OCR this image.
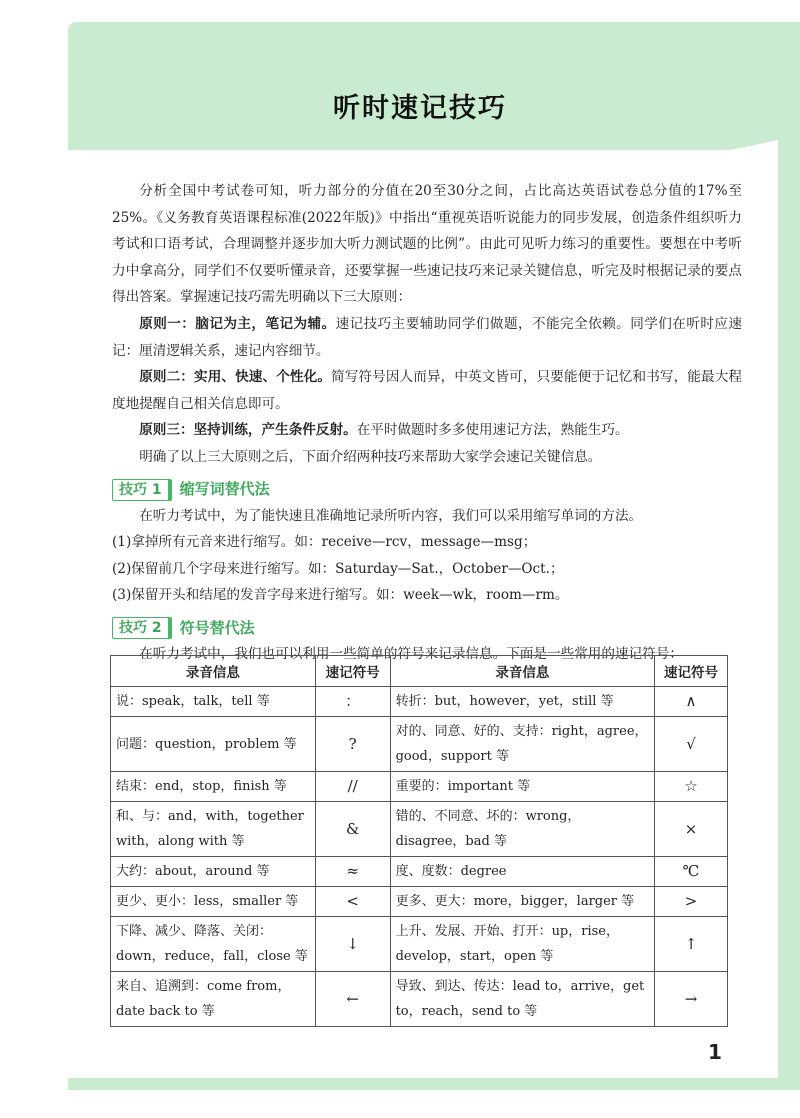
听时速记技巧

分析全国中考试卷可知，听力部分的分值在20至30分之间，占比高达英语试卷总分值的17%至25%。《义务教育英语课程标准(2022年版)》中指出“重视英语听说能力的同步发展，创造条件组织听力考试和口语考试，合理调整并逐步加大听力测试题的比例”。由此可见听力练习的重要性。要想在中考听力中拿高分，同学们不仅要听懂录音，还要掌握一些速记技巧来记录关键信息，听完及时根据记录的要点得出答案。掌握速记技巧需先明确以下三大原则：

原则一：脑记为主，笔记为辅。速记技巧主要辅助同学们做题，不能完全依赖。同学们在听时应速记：厘清逻辑关系，速记内容细节。

原则二：实用、快速、个性化。简写符号因人而异，中英文皆可，只要能便于记忆和书写，能最大程度地提醒自己相关信息即可。

原则三：坚持训练，产生条件反射。在平时做题时多多使用速记方法，熟能生巧。

明确了以上三大原则之后，下面介绍两种技巧来帮助大家学会速记关键信息。

技巧 1	缩写词替代法

在听力考试中，为了能快速且准确地记录所听内容，我们可以采用缩写单词的方法。

(1)拿掉所有元音来进行缩写。如：receive—rcv，message—msg；

(2)保留前几个字母来进行缩写。如：Saturday—Sat.，October—Oct.；

(3)保留开头和结尾的发音字母来进行缩写。如：week—wk，room—rm。

技巧 2	符号替代法

在听力考试中，我们也可以利用一些简单的符号来记录信息。下面是一些常用的速记符号：

录音信息	速记符号	录音信息	速记符号
说：speak，talk，tell 等	：	转折：but，however，yet，still 等	∧
问题：question，problem 等	?	对的、同意、好的、支持：right，agree，good，support 等	√
结束：end，stop，finish 等	//	重要的：important 等	☆
和、与：and，with，together with，along with 等	&	错的、不同意、坏的：wrong，disagree，bad 等	×
大约：about，around 等	≈	度、度数：degree	℃
更少、更小：less，smaller 等	<	更多、更大：more，bigger，larger 等	>
下降、减少、降落、关闭：down，reduce，fall，close 等	↓	上升、发展、开始、打开：up，rise，develop，start，open 等	↑
来自、追溯到：come from，date back to 等	←	导致、到达、传达：lead to，arrive，get to，reach，send to 等	→
1
